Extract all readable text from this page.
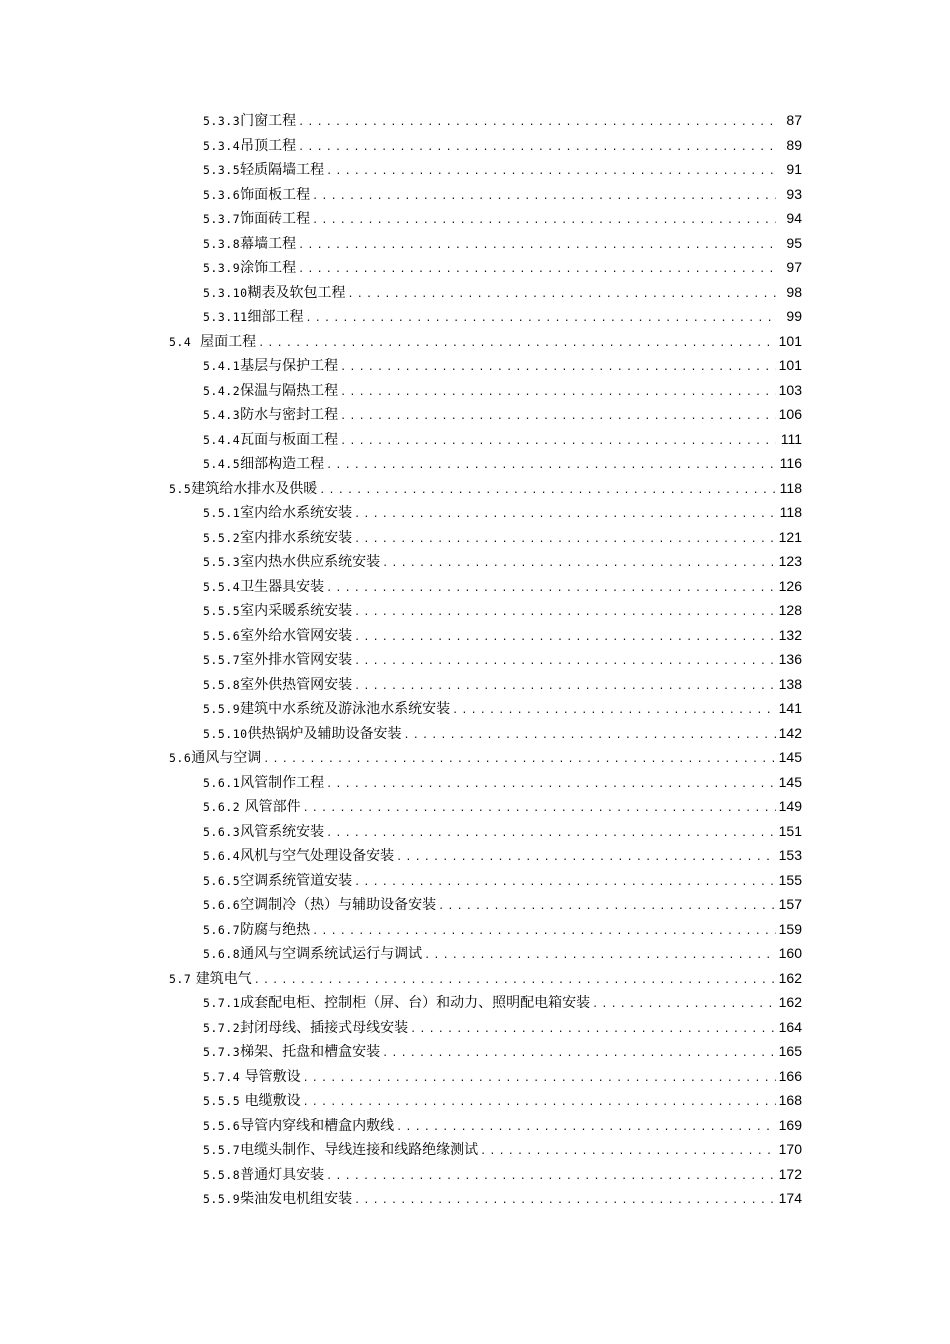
5.3.3 门窗工程 .....	87
5.3.4 吊顶工程 .....	89
5.3.5 轻质隔墙工程 .....	91
5.3.6 饰面板工程 .....	93
5.3.7 饰面砖工程 .....	94
5.3.8 幕墙工程 .....	95
5.3.9 涂饰工程 .....	97
5.3.10 糊表及软包工程 .....	98
5.3.11 细部工程 .....	99
5.4 屋面工程 .....	101
5.4.1 基层与保护工程 .....	101
5.4.2 保温与隔热工程 .....	103
5.4.3 防水与密封工程 .....	106
5.4.4 瓦面与板面工程 .....	111
5.4.5 细部构造工程 .....	116
5.5 建筑给水排水及供暖 .....	118
5.5.1 室内给水系统安装 .....	118
5.5.2 室内排水系统安装 .....	121
5.5.3 室内热水供应系统安装 .....	123
5.5.4 卫生器具安装 .....	126
5.5.5 室内采暖系统安装 .....	128
5.5.6 室外给水管网安装 .....	132
5.5.7 室外排水管网安装 .....	136
5.5.8 室外供热管网安装 .....	138
5.5.9 建筑中水系统及游泳池水系统安装 .....	141
5.5.10 供热锅炉及辅助设备安装 .....	142
5.6 通风与空调 .....	145
5.6.1 风管制作工程 .....	145
5.6.2 风管部件 .....	149
5.6.3 风管系统安装 .....	151
5.6.4 风机与空气处理设备安装 .....	153
5.6.5 空调系统管道安装 .....	155
5.6.6 空调制冷（热）与辅助设备安装 .....	157
5.6.7 防腐与绝热 .....	159
5.6.8 通风与空调系统试运行与调试 .....	160
5.7 建筑电气 .....	162
5.7.1 成套配电柜、控制柜（屏、台）和动力、照明配电箱安装 .....	162
5.7.2 封闭母线、插接式母线安装 .....	164
5.7.3 梯架、托盘和槽盒安装 .....	165
5.7.4 导管敷设 .....	166
5.5.5 电缆敷设 .....	168
5.5.6 导管内穿线和槽盒内敷线 .....	169
5.5.7 电缆头制作、导线连接和线路绝缘测试 .....	170
5.5.8 普通灯具安装 .....	172
5.5.9 柴油发电机组安装 .....	174
